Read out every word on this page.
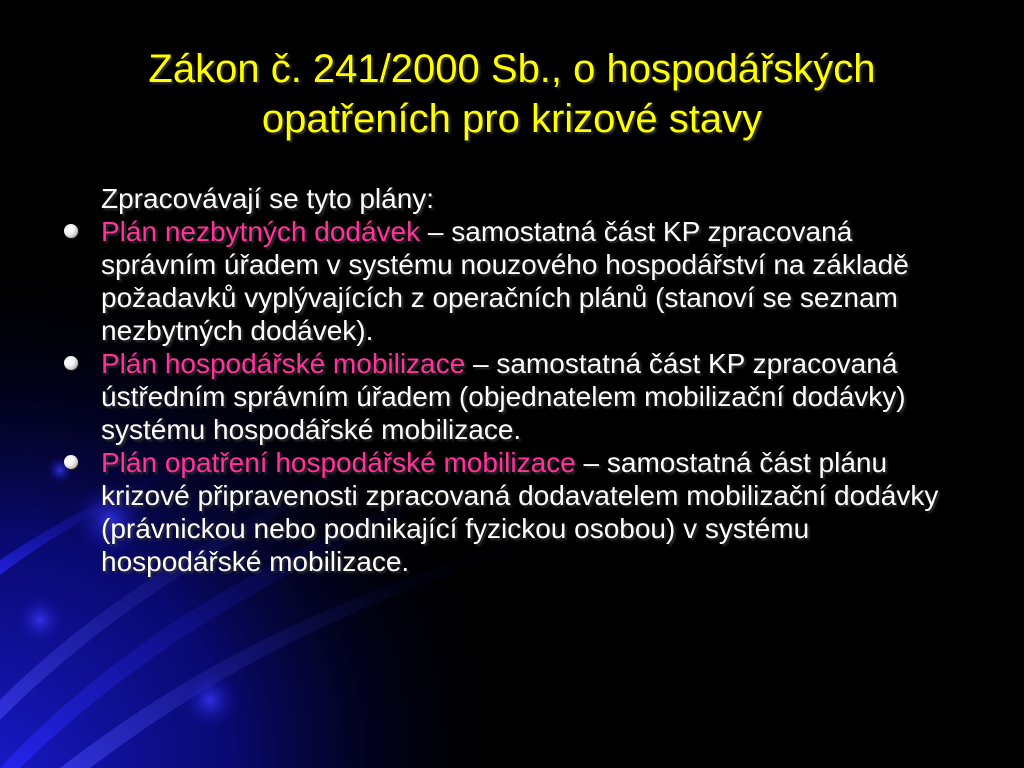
Zákon č. 241/2000 Sb., o hospodářských
opatřeních pro krizové stavy

Zpracovávají se tyto plány:

Plán nezbytných dodávek – samostatná část KP zpracovaná správním úřadem v systému nouzového hospodářství na základě požadavků vyplývajících z operačních plánů (stanoví se seznam nezbytných dodávek).
Plán hospodářské mobilizace – samostatná část KP zpracovaná ústředním správním úřadem (objednatelem mobilizační dodávky) systému hospodářské mobilizace.
Plán opatření hospodářské mobilizace – samostatná část plánu krizové připravenosti zpracovaná dodavatelem mobilizační dodávky (právnickou nebo podnikající fyzickou osobou) v systému hospodářské mobilizace.
